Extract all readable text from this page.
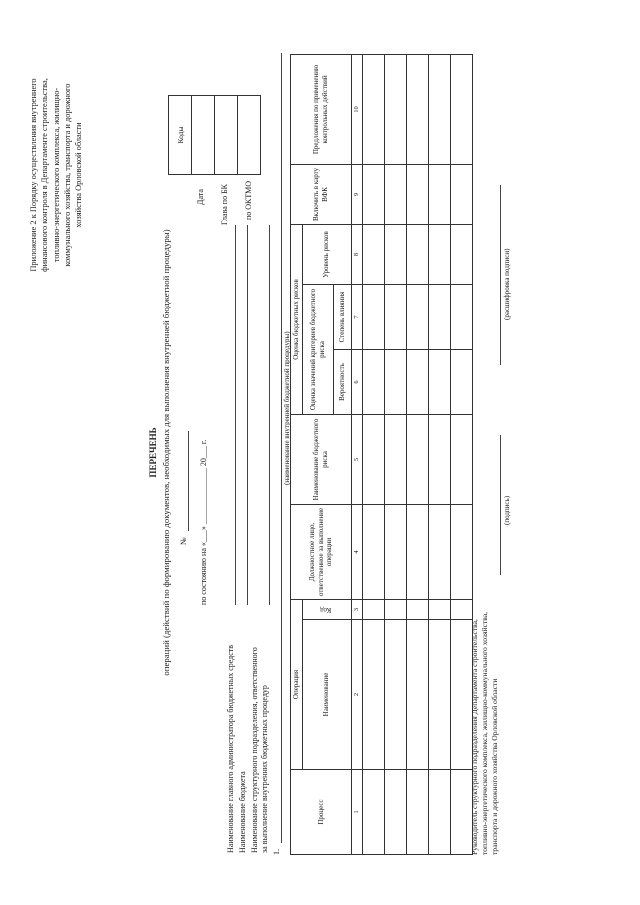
Приложение 2 к Порядку осуществления внутреннего финансового контроля в Департаменте строительства, топливно-энергетического комплекса, жилищно- коммунального хозяйства, транспорта и дорожного хозяйства Орловской области
ПЕРЕЧЕНЬ операций (действий по формированию документов, необходимых для выполнения внутренней бюджетной процедуры) № по состоянию на «___» ______________ 20___ г.
Коды

Дата Глава по БК по ОКТМО
Наименование главного администратора бюджетных средств Наименование бюджета Наименование структурного подразделения, ответственного за выполнение внутренних бюджетных процедур 1.
(наименование внутренней бюджетной процедуры)
Процесс	Операция		Должностное лицо, ответственное за выполнение операции	Наименование бюджетного риска	Оценка бюджетных рисков			Включить в карту ВФК	Предложения по применению контрольных действий
	Наименование	Код			Оценка значений критериев бюджетного риска		Уровень рисков		
					Вероятность	Степень влияния			
1	2	3	4	5	6	7	8	9	10

Руководитель структурного подразделения Департамента строительства, топливно-энергетического комплекса, жилищно-коммунального хозяйства, транспорта и дорожного хозяйства Орловской области
(подпись)
(расшифровка подписи)
